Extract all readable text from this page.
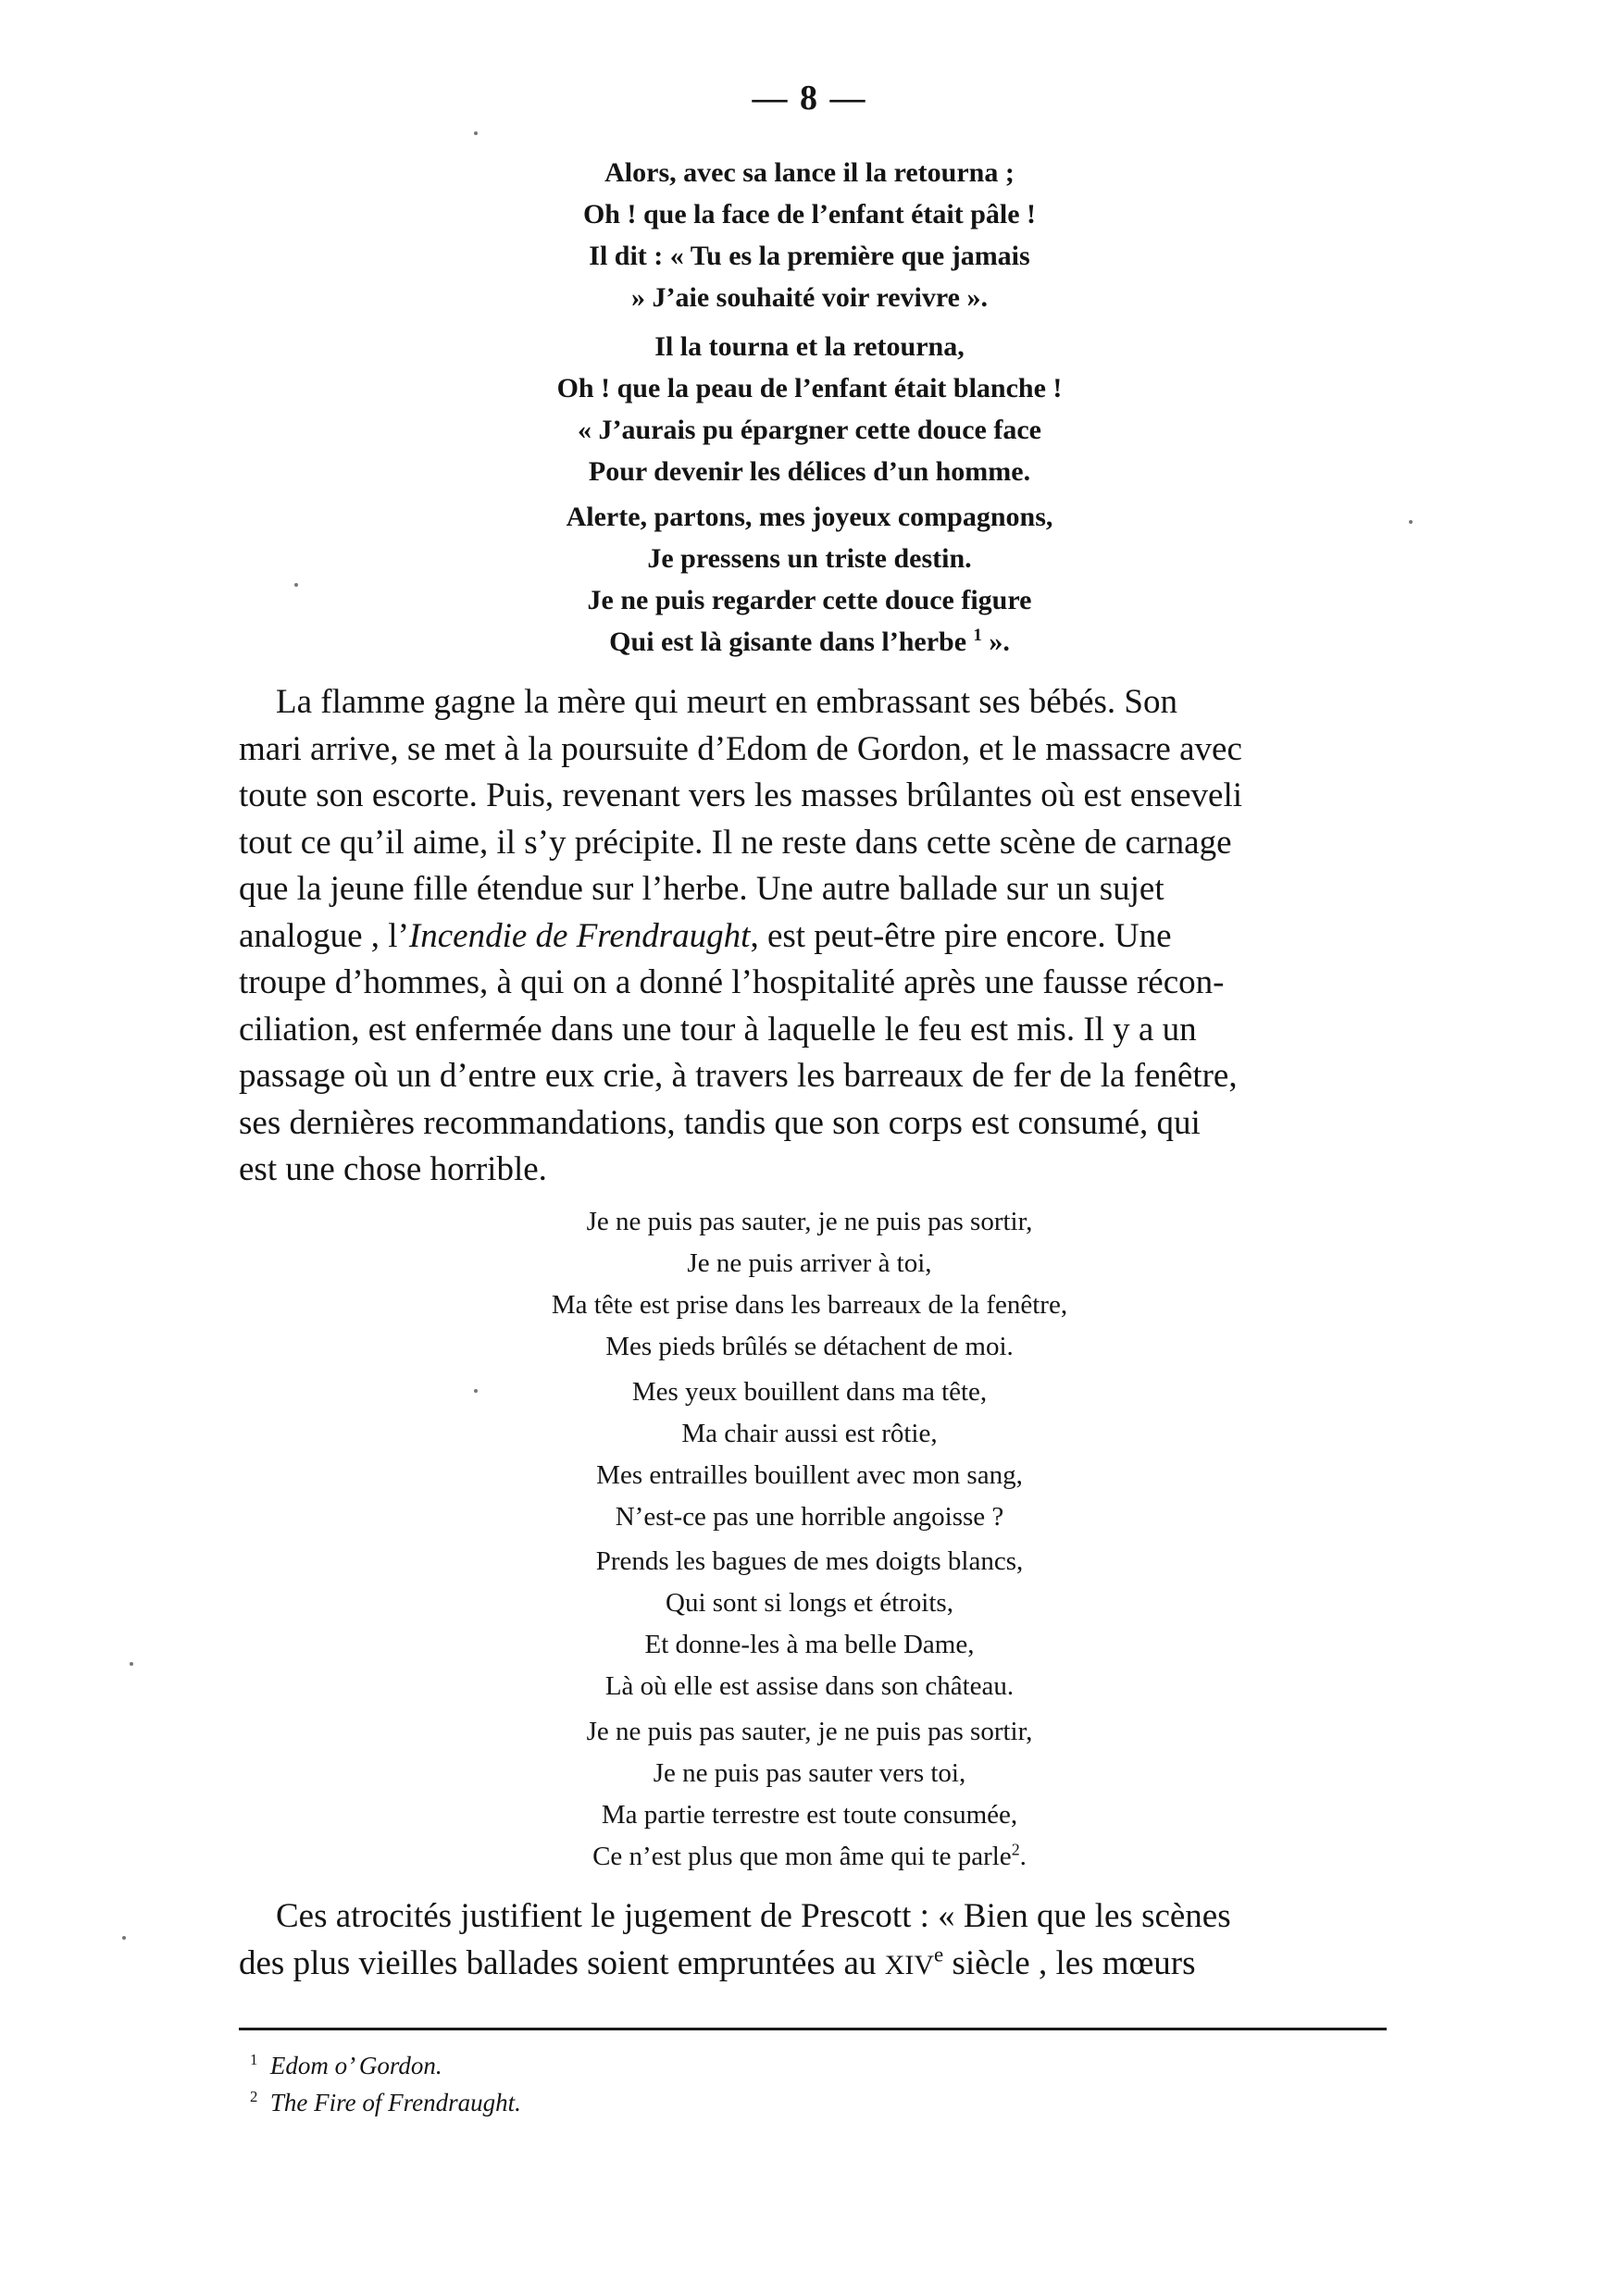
— 8 —
Alors, avec sa lance il la retourna ;
Oh ! que la face de l’enfant était pâle !
Il dit : « Tu es la première que jamais
» J’aie souhaité voir revivre ».
Il la tourna et la retourna,
Oh ! que la peau de l’enfant était blanche !
« J’aurais pu épargner cette douce face
Pour devenir les délices d’un homme.
Alerte, partons, mes joyeux compagnons,
Je pressens un triste destin.
Je ne puis regarder cette douce figure
Qui est là gisante dans l’herbe $^1$ ».
La flamme gagne la mère qui meurt en embrassant ses bébés. Son
mari arrive, se met à la poursuite d’Edom de Gordon, et le massacre avec
toute son escorte. Puis, revenant vers les masses brûlantes où est enseveli
tout ce qu’il aime, il s’y précipite. Il ne reste dans cette scène de carnage
que la jeune fille étendue sur l’herbe. Une autre ballade sur un sujet
analogue , l’Incendie de Frendraught, est peut-être pire encore. Une
troupe d’hommes, à qui on a donné l’hospitalité après une fausse récon-
ciliation, est enfermée dans une tour à laquelle le feu est mis. Il y a un
passage où un d’entre eux crie, à travers les barreaux de fer de la fenêtre,
ses dernières recommandations, tandis que son corps est consumé, qui
est une chose horrible.
Je ne puis pas sauter, je ne puis pas sortir,
Je ne puis arriver à toi,
Ma tête est prise dans les barreaux de la fenêtre,
Mes pieds brûlés se détachent de moi.
Mes yeux bouillent dans ma tête,
Ma chair aussi est rôtie,
Mes entrailles bouillent avec mon sang,
N’est-ce pas une horrible angoisse ?
Prends les bagues de mes doigts blancs,
Qui sont si longs et étroits,
Et donne-les à ma belle Dame,
Là où elle est assise dans son château.
Je ne puis pas sauter, je ne puis pas sortir,
Je ne puis pas sauter vers toi,
Ma partie terrestre est toute consumée,
Ce n’est plus que mon âme qui te parle$^2$.
Ces atrocités justifient le jugement de Prescott : « Bien que les scènes
des plus vieilles ballades soient empruntées au XIVe siècle , les mœurs
$^1$ Edom o’ Gordon.
$^2$ The Fire of Frendraught.
